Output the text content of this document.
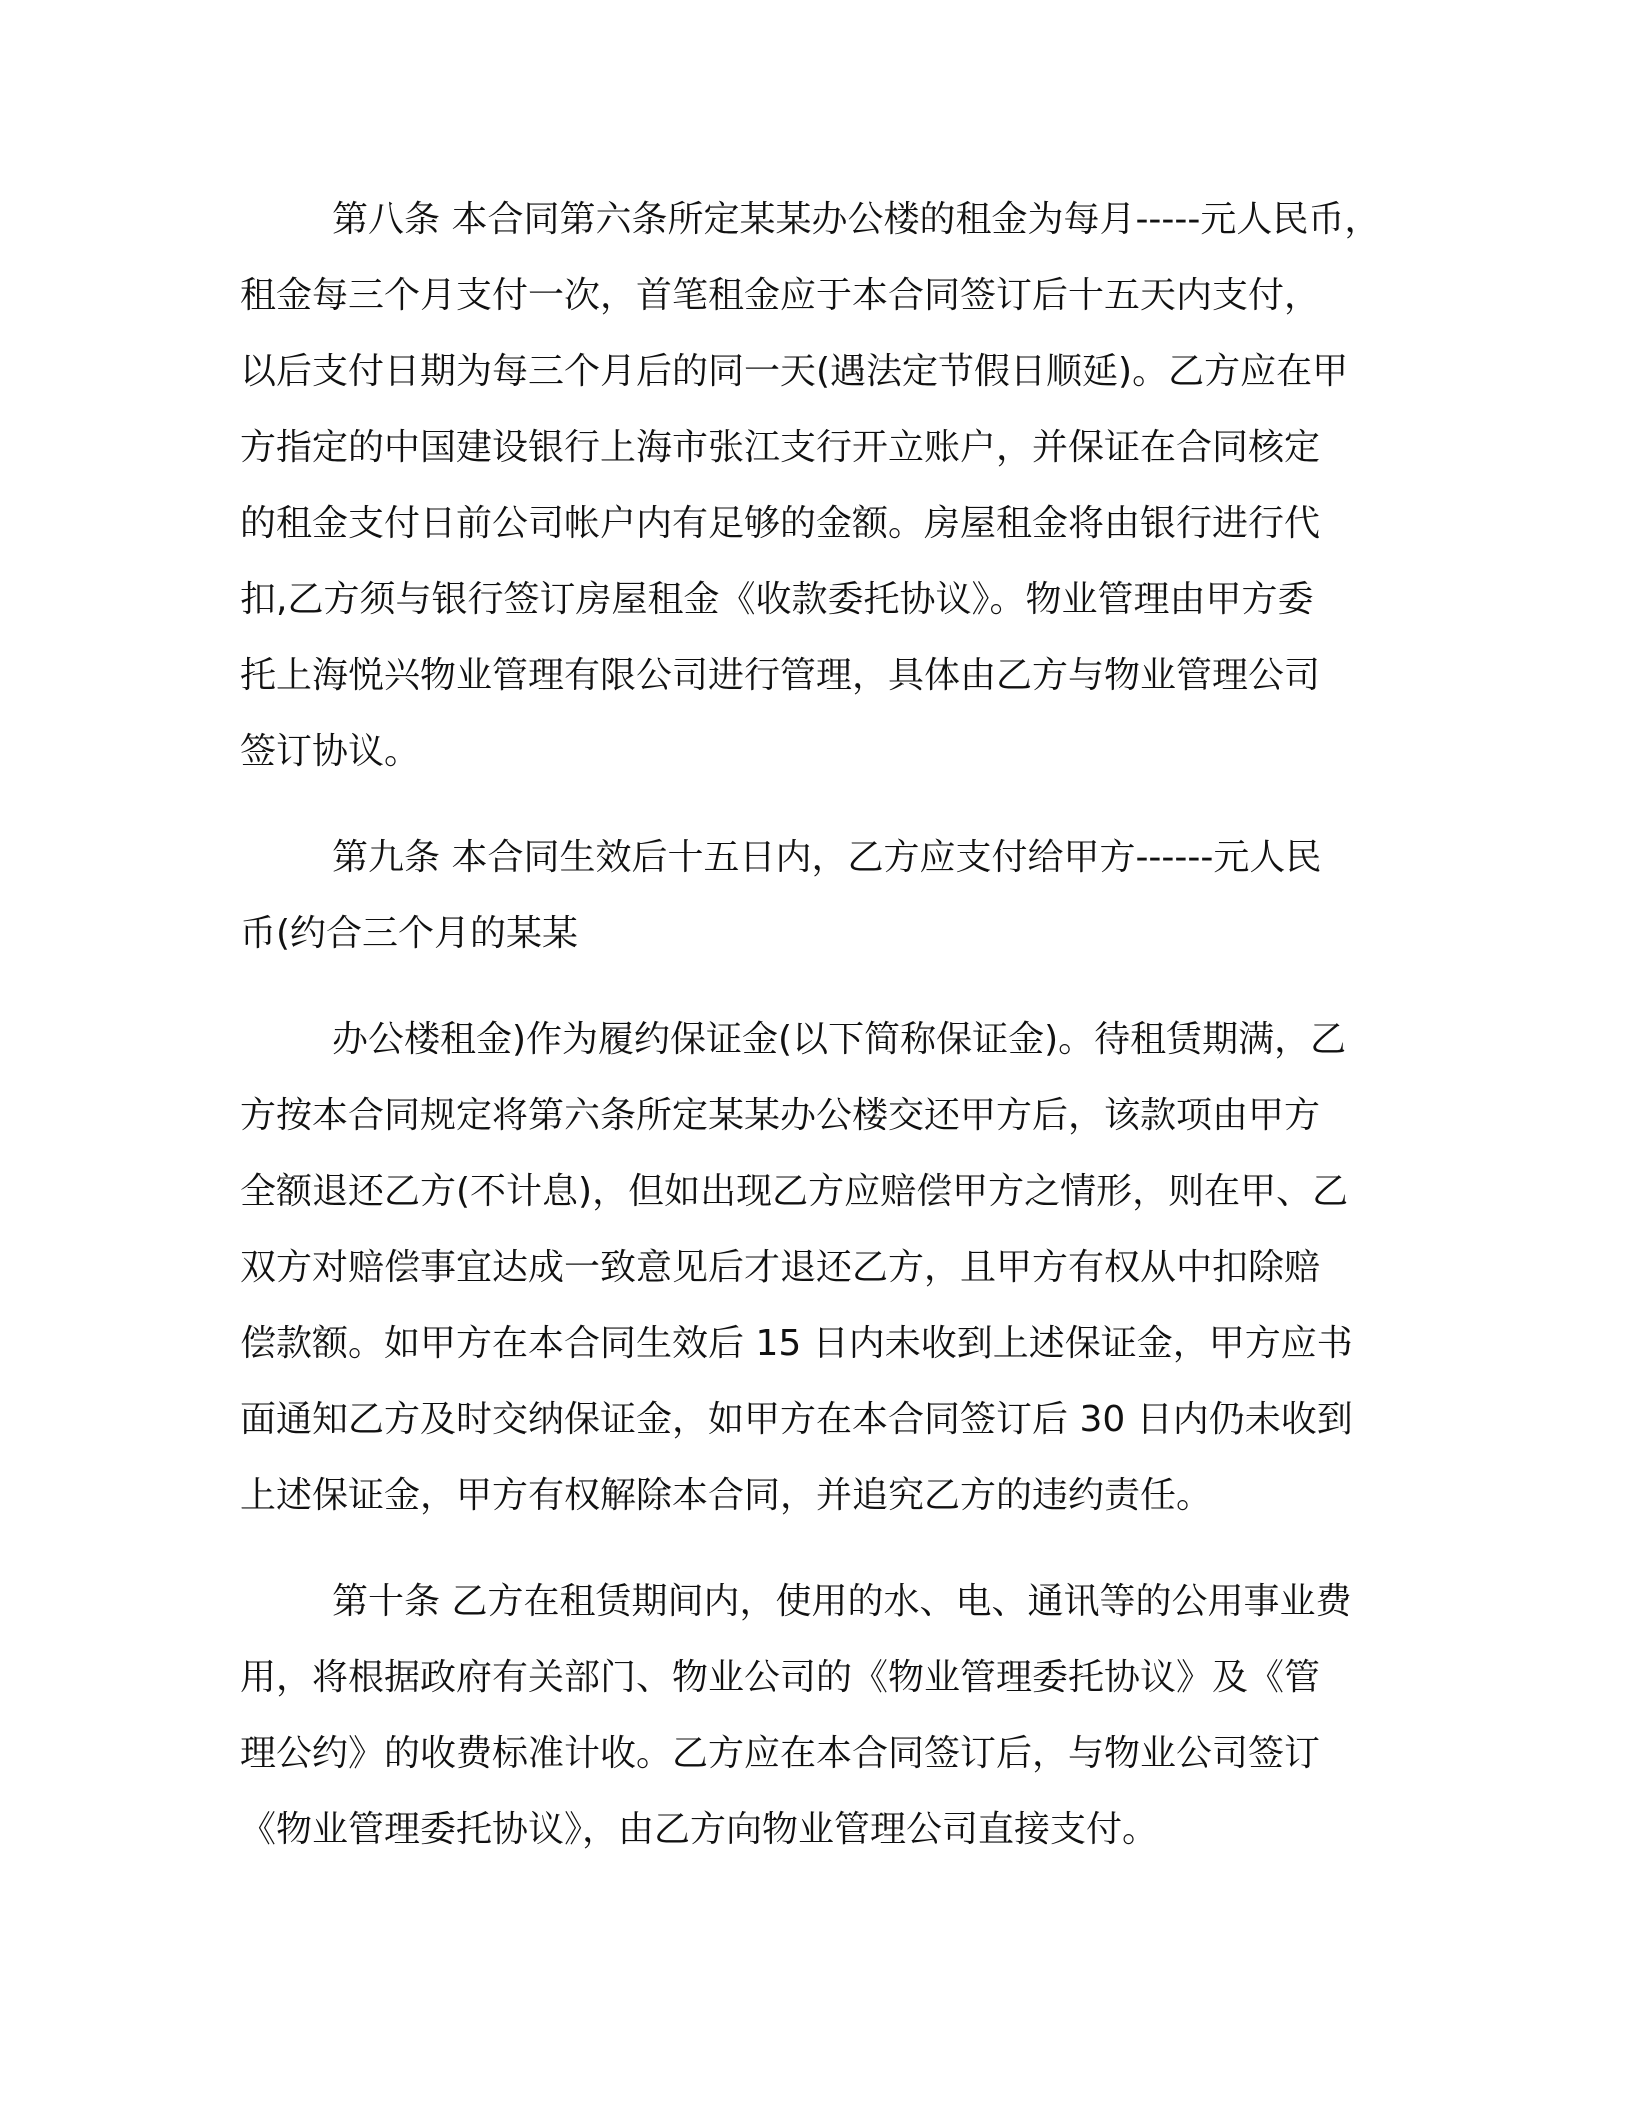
第八条 本合同第六条所定某某办公楼的租金为每月-----元人民币，

租金每三个月支付一次，首笔租金应于本合同签订后十五天内支付，

以后支付日期为每三个月后的同一天(遇法定节假日顺延)。乙方应在甲

方指定的中国建设银行上海市张江支行开立账户，并保证在合同核定

的租金支付日前公司帐户内有足够的金额。房屋租金将由银行进行代

扣,乙方须与银行签订房屋租金《收款委托协议》。物业管理由甲方委

托上海悦兴物业管理有限公司进行管理，具体由乙方与物业管理公司

签订协议。

第九条 本合同生效后十五日内，乙方应支付给甲方------元人民

币(约合三个月的某某

办公楼租金)作为履约保证金(以下简称保证金)。待租赁期满，乙

方按本合同规定将第六条所定某某办公楼交还甲方后，该款项由甲方

全额退还乙方(不计息)，但如出现乙方应赔偿甲方之情形，则在甲、乙

双方对赔偿事宜达成一致意见后才退还乙方，且甲方有权从中扣除赔

偿款额。如甲方在本合同生效后 15 日内未收到上述保证金，甲方应书

面通知乙方及时交纳保证金，如甲方在本合同签订后 30 日内仍未收到

上述保证金，甲方有权解除本合同，并追究乙方的违约责任。

第十条 乙方在租赁期间内，使用的水、电、通讯等的公用事业费

用，将根据政府有关部门、物业公司的《物业管理委托协议》及《管

理公约》的收费标准计收。乙方应在本合同签订后，与物业公司签订

《物业管理委托协议》，由乙方向物业管理公司直接支付。
